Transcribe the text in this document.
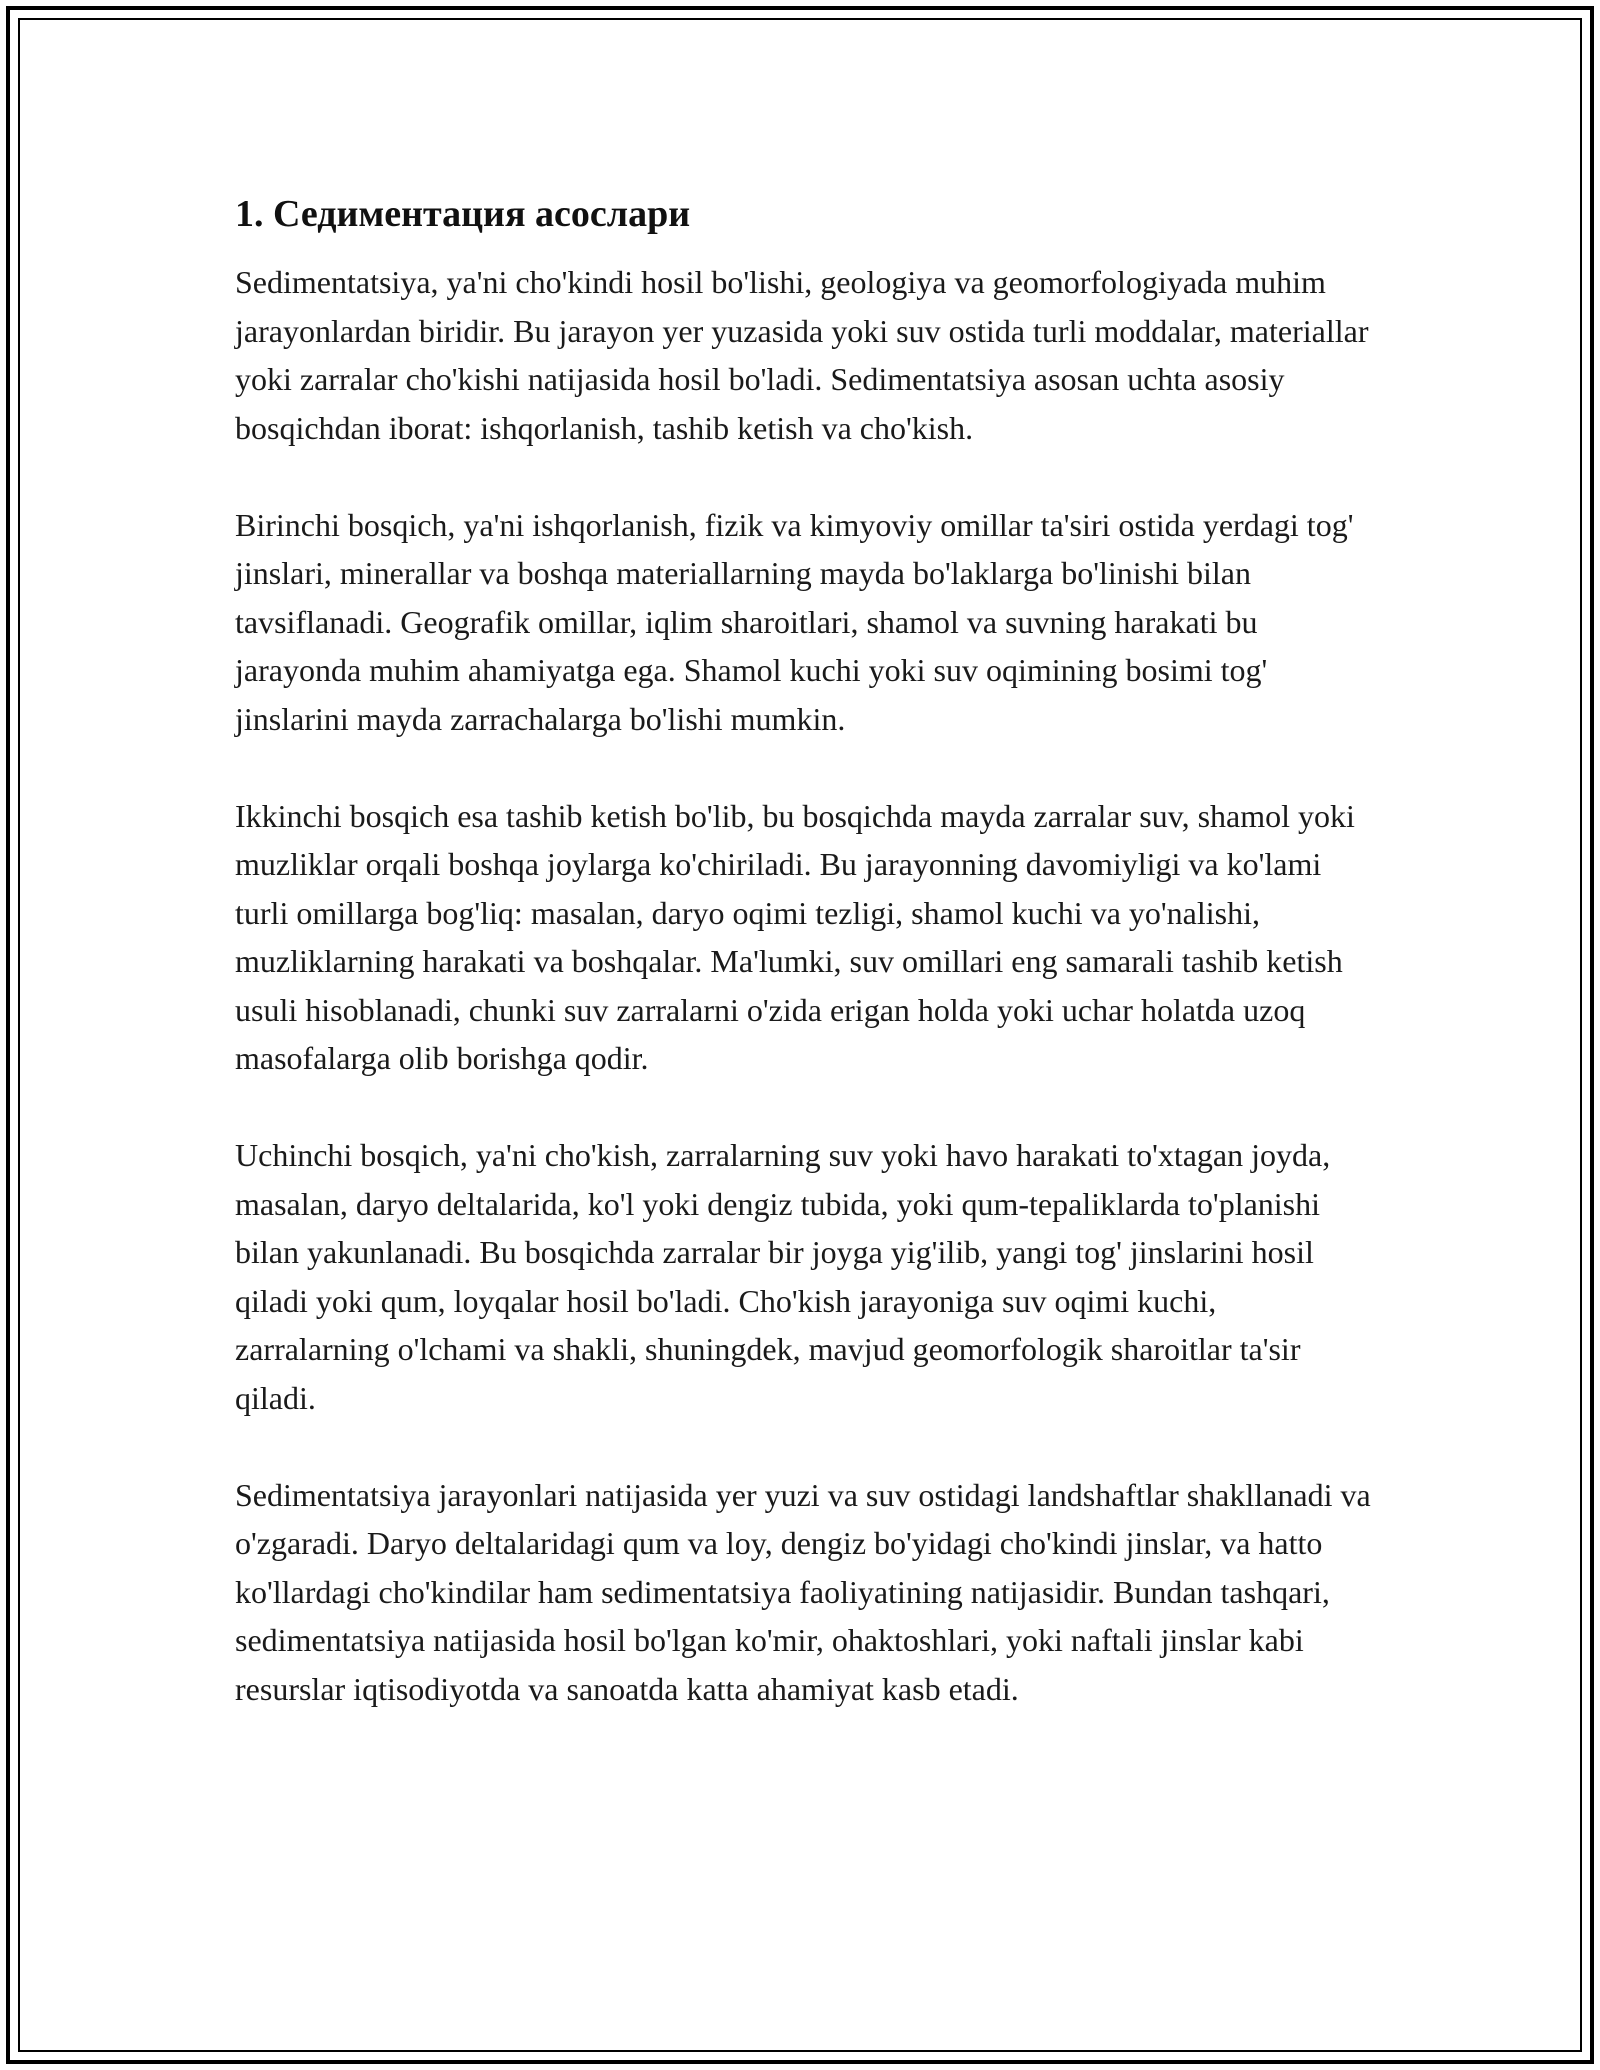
1. Седиментация асослари

Sedimentatsiya, ya'ni cho'kindi hosil bo'lishi, geologiya va geomorfologiyada muhim jarayonlardan biridir. Bu jarayon yer yuzasida yoki suv ostida turli moddalar, materiallar yoki zarralar cho'kishi natijasida hosil bo'ladi. Sedimentatsiya asosan uchta asosiy bosqichdan iborat: ishqorlanish, tashib ketish va cho'kish.

Birinchi bosqich, ya'ni ishqorlanish, fizik va kimyoviy omillar ta'siri ostida yerdagi tog' jinslari, minerallar va boshqa materiallarning mayda bo'laklarga bo'linishi bilan tavsiflanadi. Geografik omillar, iqlim sharoitlari, shamol va suvning harakati bu jarayonda muhim ahamiyatga ega. Shamol kuchi yoki suv oqimining bosimi tog' jinslarini mayda zarrachalarga bo'lishi mumkin.

Ikkinchi bosqich esa tashib ketish bo'lib, bu bosqichda mayda zarralar suv, shamol yoki muzliklar orqali boshqa joylarga ko'chiriladi. Bu jarayonning davomiyligi va ko'lami turli omillarga bog'liq: masalan, daryo oqimi tezligi, shamol kuchi va yo'nalishi, muzliklarning harakati va boshqalar. Ma'lumki, suv omillari eng samarali tashib ketish usuli hisoblanadi, chunki suv zarralarni o'zida erigan holda yoki uchar holatda uzoq masofalarga olib borishga qodir.

Uchinchi bosqich, ya'ni cho'kish, zarralarning suv yoki havo harakati to'xtagan joyda, masalan, daryo deltalarida, ko'l yoki dengiz tubida, yoki qum-tepaliklarda to'planishi bilan yakunlanadi. Bu bosqichda zarralar bir joyga yig'ilib, yangi tog' jinslarini hosil qiladi yoki qum, loyqalar hosil bo'ladi. Cho'kish jarayoniga suv oqimi kuchi, zarralarning o'lchami va shakli, shuningdek, mavjud geomorfologik sharoitlar ta'sir qiladi.

Sedimentatsiya jarayonlari natijasida yer yuzi va suv ostidagi landshaftlar shakllanadi va o'zgaradi. Daryo deltalaridagi qum va loy, dengiz bo'yidagi cho'kindi jinslar, va hatto ko'llardagi cho'kindilar ham sedimentatsiya faoliyatining natijasidir. Bundan tashqari, sedimentatsiya natijasida hosil bo'lgan ko'mir, ohaktoshlari, yoki naftali jinslar kabi resurslar iqtisodiyotda va sanoatda katta ahamiyat kasb etadi.
